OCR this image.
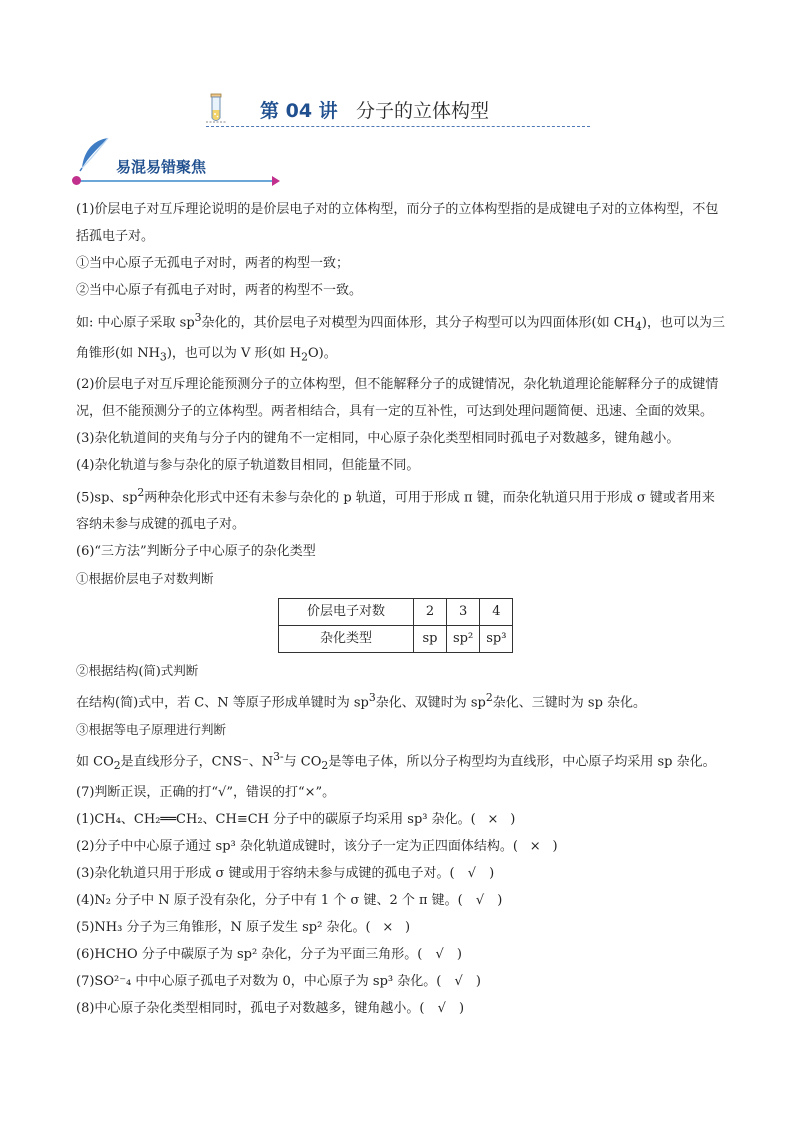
第 04 讲 分子的立体构型
易混易错聚焦

(1)价层电子对互斥理论说明的是价层电子对的立体构型，而分子的立体构型指的是成键电子对的立体构型，不包括孤电子对。

①当中心原子无孤电子对时，两者的构型一致；

②当中心原子有孤电子对时，两者的构型不一致。

如: 中心原子采取 $sp^3$杂化的，其价层电子对模型为四面体形，其分子构型可以为四面体形(如 $CH_4$)，也可以为三角锥形(如 $NH_3$)，也可以为 V 形(如 $H_2O$)。

(2)价层电子对互斥理论能预测分子的立体构型，但不能解释分子的成键情况，杂化轨道理论能解释分子的成键情况，但不能预测分子的立体构型。两者相结合，具有一定的互补性，可达到处理问题简便、迅速、全面的效果。

(3)杂化轨道间的夹角与分子内的键角不一定相同，中心原子杂化类型相同时孤电子对数越多，键角越小。

(4)杂化轨道与参与杂化的原子轨道数目相同，但能量不同。

(5)sp、$sp^2$两种杂化形式中还有未参与杂化的 p 轨道，可用于形成 π 键，而杂化轨道只用于形成 σ 键或者用来容纳未参与成键的孤电子对。

(6)“三方法”判断分子中心原子的杂化类型

①根据价层电子对数判断

价层电子对数	2	3	4
杂化类型	sp	sp²	sp³

②根据结构(简)式判断

在结构(简)式中，若 C、N 等原子形成单键时为 $sp^3$杂化、双键时为 $sp^2$杂化、三键时为 sp 杂化。

③根据等电子原理进行判断

如 $CO_2$是直线形分子，CNS⁻、$N^{3-}$与 $CO_2$是等电子体，所以分子构型均为直线形，中心原子均采用 sp 杂化。

(7)判断正误，正确的打“√”，错误的打“×”。

(1)CH₄、CH₂══CH₂、CH≡CH 分子中的碳原子均采用 sp³ 杂化。( ×  )

(2)分子中中心原子通过 sp³ 杂化轨道成键时，该分子一定为正四面体结构。( ×  )

(3)杂化轨道只用于形成 σ 键或用于容纳未参与成键的孤电子对。( √  )

(4)N₂ 分子中 N 原子没有杂化，分子中有 1 个 σ 键、2 个 π 键。( √  )

(5)NH₃ 分子为三角锥形，N 原子发生 sp² 杂化。( ×  )

(6)HCHO 分子中碳原子为 sp² 杂化，分子为平面三角形。( √  )

(7)SO²⁻₄ 中中心原子孤电子对数为 0，中心原子为 sp³ 杂化。( √  )

(8)中心原子杂化类型相同时，孤电子对数越多，键角越小。( √  )
